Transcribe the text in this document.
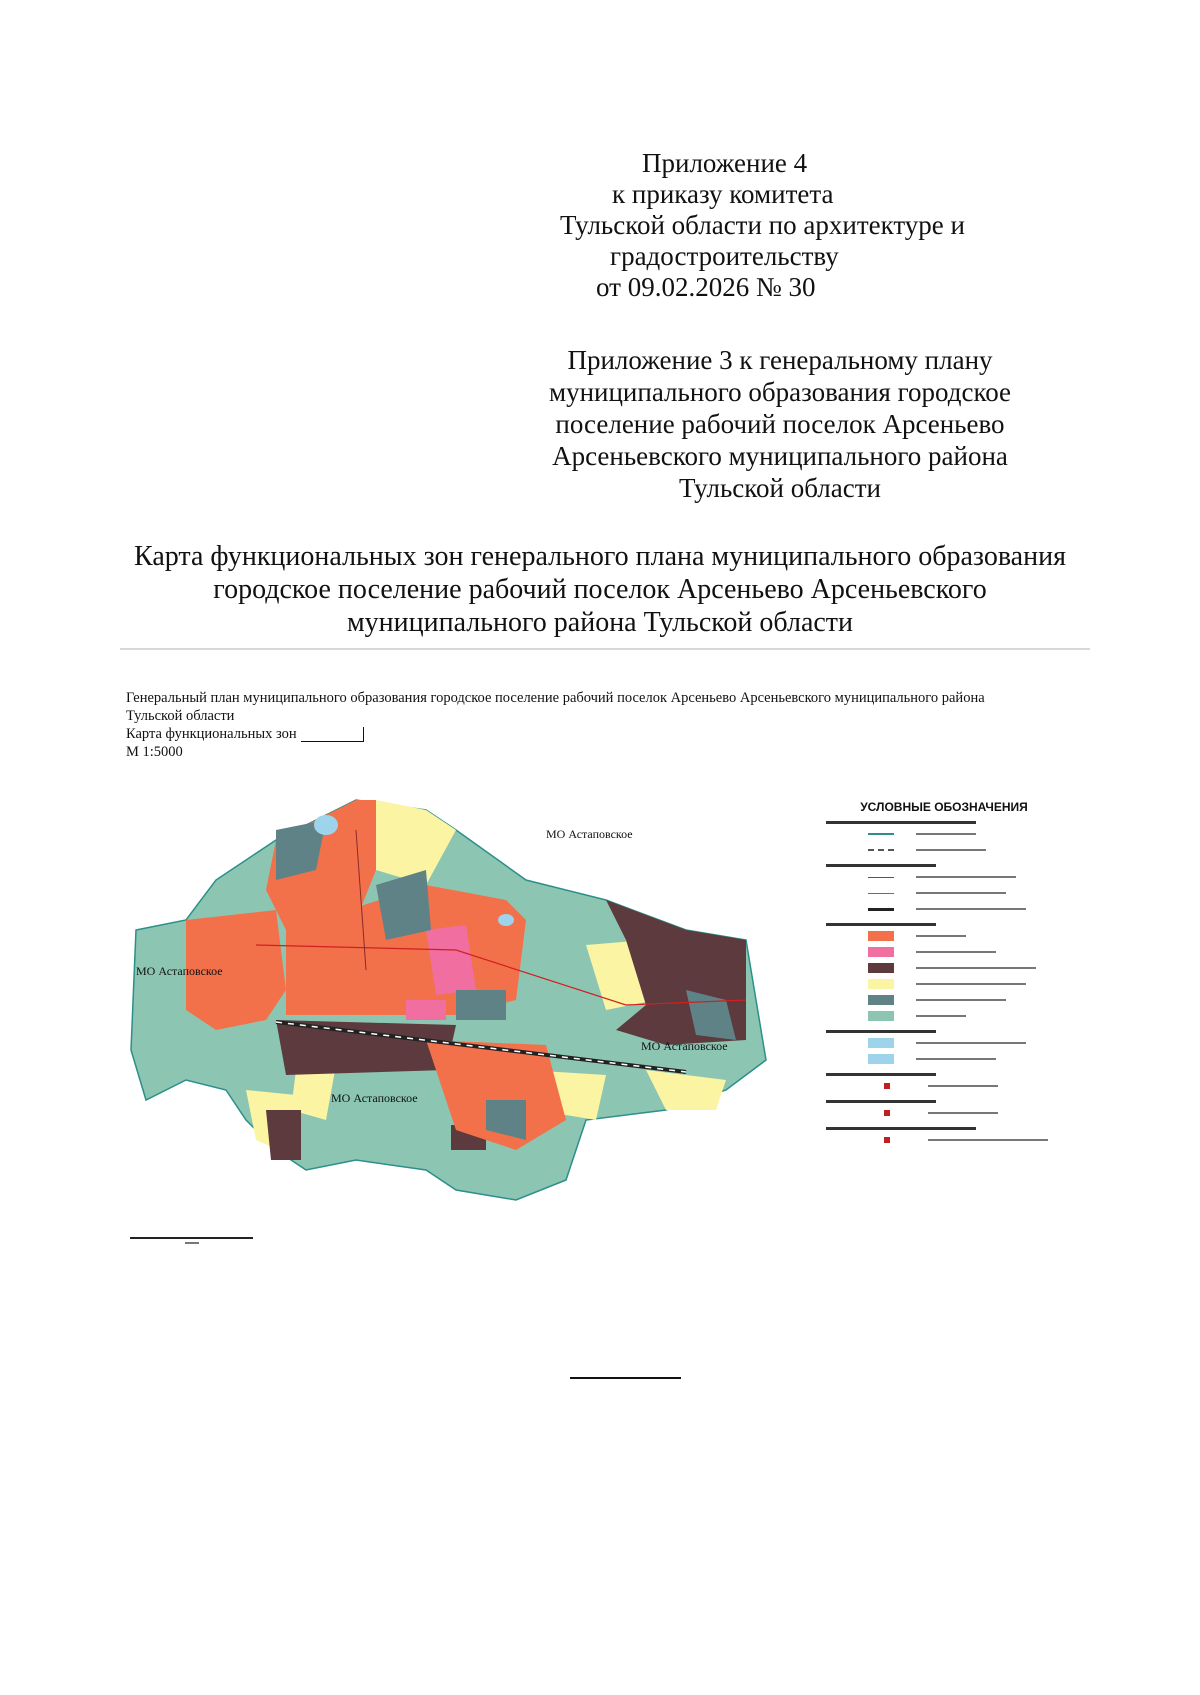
Приложение 4
к приказу комитета
Тульской области по архитектуре и
градостроительству
от 09.02.2026 № 30
Приложение 3 к генеральному плану
муниципального образования городское
поселение рабочий поселок Арсеньево
Арсеньевского муниципального района
Тульской области
Карта функциональных зон генерального плана муниципального образования
городское поселение рабочий поселок Арсеньево Арсеньевского
муниципального района Тульской области
Генеральный план муниципального образования городское поселение рабочий поселок Арсеньево Арсеньевского муниципального района
Тульской области
Карта функциональных зон
М 1:5000
МО Астаповское
МО Астаповское
МО Астаповское
МО Астаповское
УСЛОВНЫЕ ОБОЗНАЧЕНИЯ
